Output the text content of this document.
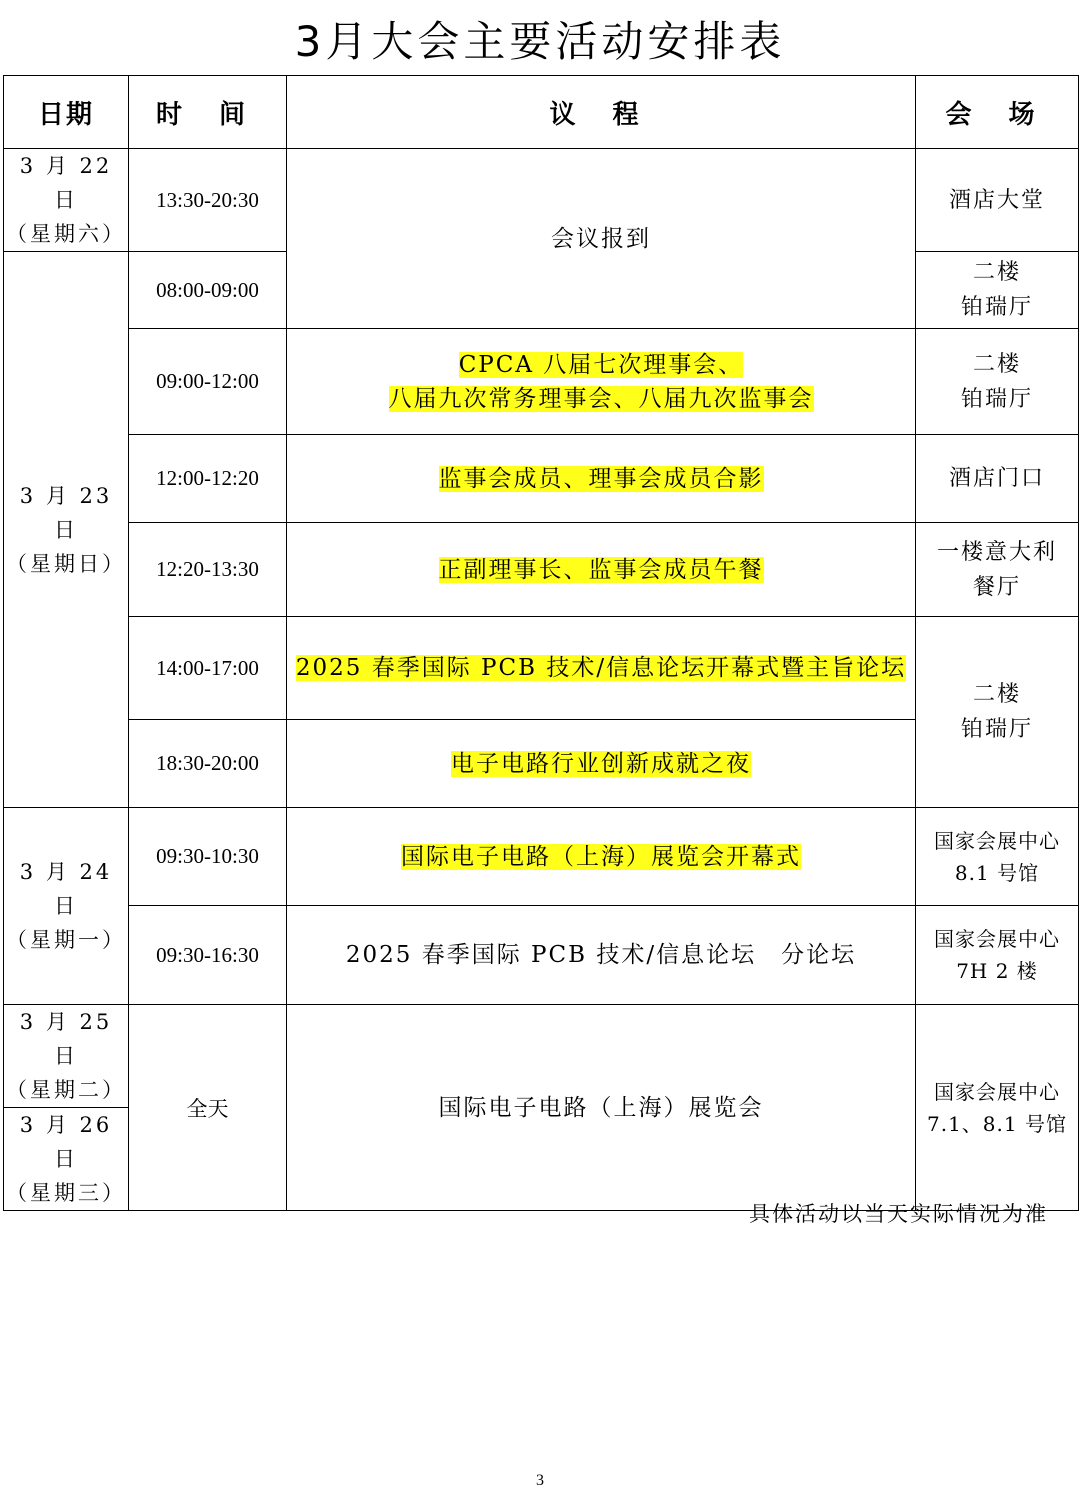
3月大会主要活动安排表
日期	时 间	议 程	会 场

3 月 22 日
（星期六）	13:30-20:30	会议报到	酒店大堂

3 月 23 日
（星期日）	08:00-09:00		二楼
铂瑞厅

	09:00-12:00	CPCA 八届七次理事会、
八届九次常务理事会、八届九次监事会	二楼
铂瑞厅

	12:00-12:20	监事会成员、理事会成员合影	酒店门口
	12:20-13:30	正副理事长、监事会成员午餐	一楼意大利
餐厅

	14:00-17:00	2025 春季国际 PCB 技术/信息论坛开幕式暨主旨论坛	二楼
铂瑞厅

	18:30-20:00	电子电路行业创新成就之夜	

3 月 24 日
（星期一）	09:30-10:30	国际电子电路（上海）展览会开幕式	国家会展中心
8.1 号馆

	09:30-16:30	2025 春季国际 PCB 技术/信息论坛　分论坛	国家会展中心
7H 2 楼

3 月 25 日
（星期二）	全天	国际电子电路（上海）展览会	国家会展中心
7.1、8.1 号馆

3 月 26 日
（星期三）			
具体活动以当天实际情况为准
3
